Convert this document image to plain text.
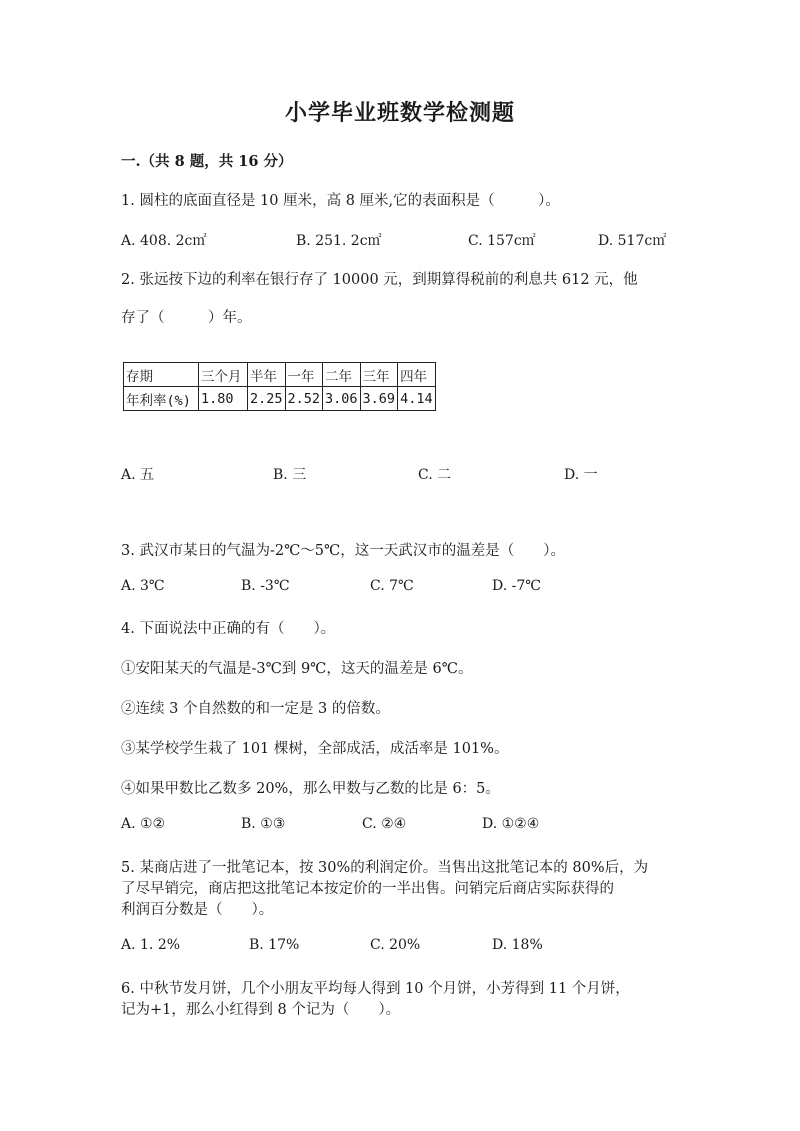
小学毕业班数学检测题
一.（共 8 题，共 16 分）
1. 圆柱的底面直径是 10 厘米，高 8 厘米,它的表面积是（　　　）。
A. 408. 2c㎡	B. 251. 2c㎡	C. 157c㎡	D. 517c㎡
2. 张远按下边的利率在银行存了 10000 元，到期算得税前的利息共 612 元，他
存了（　　　）年。
存期	三个月	半年	一年	二年	三年	四年
年利率(%)	1.80	2.25	2.52	3.06	3.69	4.14
A. 五	B. 三	C. 二	D. 一
3. 武汉市某日的气温为-2℃～5℃，这一天武汉市的温差是（　　）。
A. 3℃	B. -3℃	C. 7℃	D. -7℃
4. 下面说法中正确的有（　　）。
①安阳某天的气温是-3℃到 9℃，这天的温差是 6℃。
②连续 3 个自然数的和一定是 3 的倍数。
③某学校学生栽了 101 棵树，全部成活，成活率是 101%。
④如果甲数比乙数多 20%，那么甲数与乙数的比是 6：5。
A. ①②	B. ①③	C. ②④	D. ①②④
5. 某商店进了一批笔记本，按 30%的利润定价。当售出这批笔记本的 80%后，为
了尽早销完，商店把这批笔记本按定价的一半出售。问销完后商店实际获得的
利润百分数是（　　）。
A. 1. 2%	B. 17%	C. 20%	D. 18%
6. 中秋节发月饼，几个小朋友平均每人得到 10 个月饼，小芳得到 11 个月饼，
记为+1，那么小红得到 8 个记为（　　）。
